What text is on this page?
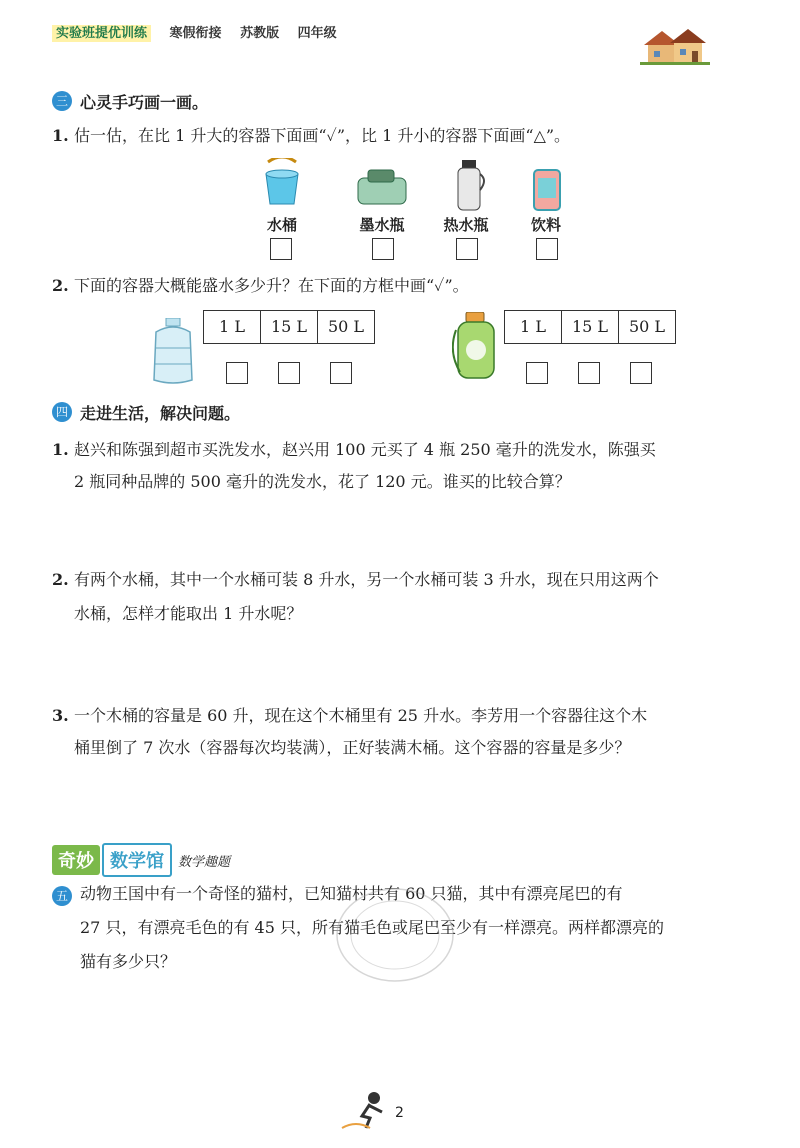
实验班提优训练 寒假衔接 苏教版 四年级
三 心灵手巧画一画。
1. 估一估，在比 1 升大的容器下面画“✓”，比 1 升小的容器下面画“△”。
水桶	墨水瓶	热水瓶	饮料
2. 下面的容器大概能盛水多少升？在下面的方框中画“✓”。
1 L	15 L	50 L	1 L	15 L	50 L
四 走进生活，解决问题。
1. 赵兴和陈强到超市买洗发水，赵兴用 100 元买了 4 瓶 250 毫升的洗发水，陈强买
2 瓶同种品牌的 500 毫升的洗发水，花了 120 元。谁买的比较合算？
2. 有两个水桶，其中一个水桶可装 8 升水，另一个水桶可装 3 升水，现在只用这两个
水桶，怎样才能取出 1 升水呢？
3. 一个木桶的容量是 60 升，现在这个木桶里有 25 升水。李芳用一个容器往这个木
桶里倒了 7 次水（容器每次均装满），正好装满木桶。这个容器的容量是多少？
奇妙 数学馆	数学趣题
五 动物王国中有一个奇怪的猫村，已知猫村共有 60 只猫，其中有漂亮尾巴的有
27 只，有漂亮毛色的有 45 只，所有猫毛色或尾巴至少有一样漂亮。两样都漂亮的
猫有多少只？
2
